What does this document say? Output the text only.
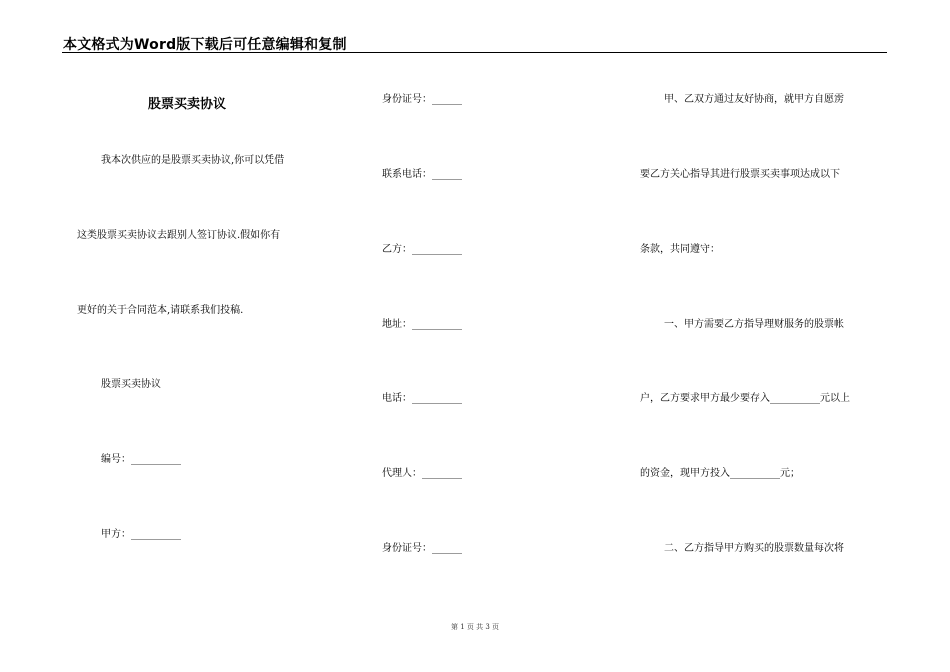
本文格式为Word版下载后可任意编辑和复制
股票买卖协议
我本次供应的是股票买卖协议,你可以凭借
这类股票买卖协议去跟别人签订协议.假如你有
更好的关于合同范本,请联系我们投稿.
股票买卖协议
编号：__________
甲方：__________
身份证号：______
联系电话：______
乙方：__________
地址：__________
电话：__________
代理人：________
身份证号：______
甲、乙双方通过友好协商，就甲方自愿雳
要乙方关心指导其进行股票买卖事项达成以下
条款，共同遵守：
一、甲方需要乙方指导理财服务的股票帐
户，乙方要求甲方最少要存入__________元以上
的资金，现甲方投入__________元；
二、乙方指导甲方购买的股票数量每次将
第 1 页 共 3 页
